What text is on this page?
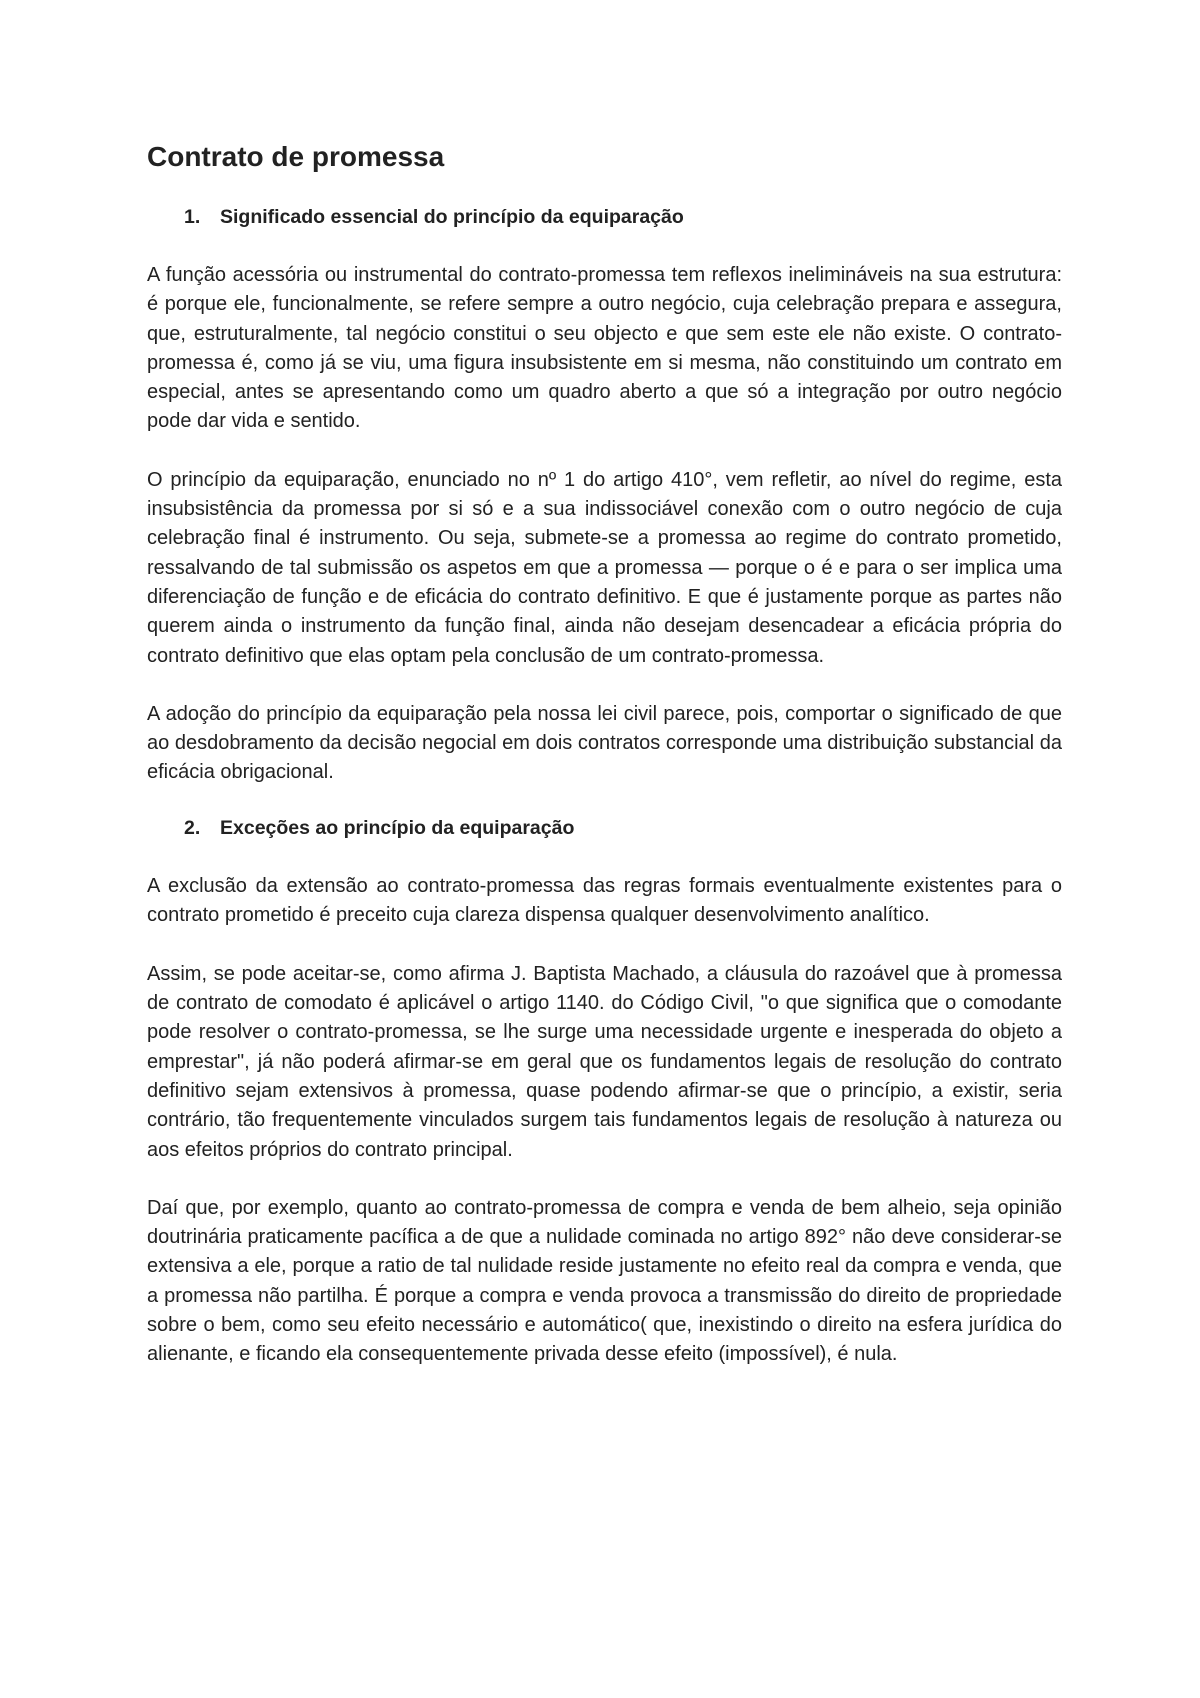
Contrato de promessa
1. Significado essencial do princípio da equiparação

A função acessória ou instrumental do contrato-promessa tem reflexos inelimináveis na sua estrutura: é porque ele, funcionalmente, se refere sempre a outro negócio, cuja celebração prepara e assegura, que, estruturalmente, tal negócio constitui o seu objecto e que sem este ele não existe. O contrato-promessa é, como já se viu, uma figura insubsistente em si mesma, não constituindo um contrato em especial, antes se apresentando como um quadro aberto a que só a integração por outro negócio pode dar vida e sentido.

O princípio da equiparação, enunciado no nº 1 do artigo 410°, vem refletir, ao nível do regime, esta insubsistência da promessa por si só e a sua indissociável conexão com o outro negócio de cuja celebração final é instrumento. Ou seja, submete-se a promessa ao regime do contrato prometido, ressalvando de tal submissão os aspetos em que a promessa — porque o é e para o ser implica uma diferenciação de função e de eficácia do contrato definitivo. E que é justamente porque as partes não querem ainda o instrumento da função final, ainda não desejam desencadear a eficácia própria do contrato definitivo que elas optam pela conclusão de um contrato-promessa.

A adoção do princípio da equiparação pela nossa lei civil parece, pois, comportar o significado de que ao desdobramento da decisão negocial em dois contratos corresponde uma distribuição substancial da eficácia obrigacional.

2. Exceções ao princípio da equiparação

A exclusão da extensão ao contrato-promessa das regras formais eventualmente existentes para o contrato prometido é preceito cuja clareza dispensa qualquer desenvolvimento analítico.

Assim, se pode aceitar-se, como afirma J. Baptista Machado, a cláusula do razoável que à promessa de contrato de comodato é aplicável o artigo 1140. do Código Civil, "o que significa que o comodante pode resolver o contrato-promessa, se lhe surge uma necessidade urgente e inesperada do objeto a emprestar", já não poderá afirmar-se em geral que os fundamentos legais de resolução do contrato definitivo sejam extensivos à promessa, quase podendo afirmar-se que o princípio, a existir, seria contrário, tão frequentemente vinculados surgem tais fundamentos legais de resolução à natureza ou aos efeitos próprios do contrato principal.

Daí que, por exemplo, quanto ao contrato-promessa de compra e venda de bem alheio, seja opinião doutrinária praticamente pacífica a de que a nulidade cominada no artigo 892° não deve considerar-se extensiva a ele, porque a ratio de tal nulidade reside justamente no efeito real da compra e venda, que a promessa não partilha. É porque a compra e venda provoca a transmissão do direito de propriedade sobre o bem, como seu efeito necessário e automático( que, inexistindo o direito na esfera jurídica do alienante, e ficando ela consequentemente privada desse efeito (impossível), é nula.
